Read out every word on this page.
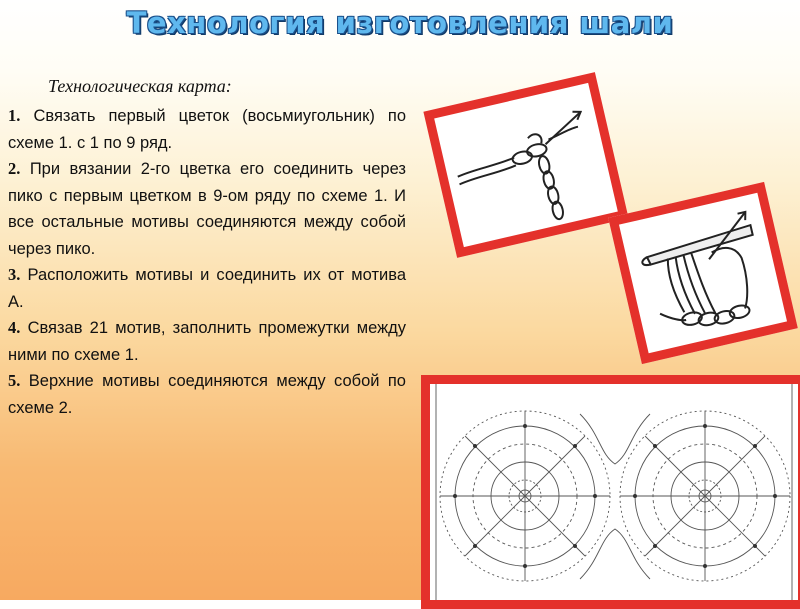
Технология изготовления шали
Технологическая карта:

1. Связать первый цветок (восьмиугольник) по схеме 1. с 1 по 9 ряд.

2. При вязании 2-го цветка его соединить через пико с первым цветком в 9-ом ряду по схеме 1. И все остальные мотивы соединяются между собой через пико.

3. Расположить мотивы и соединить их от мотива А.

4. Связав 21 мотив, заполнить промежутки между ними по схеме 1.

5. Верхние мотивы соединяются между собой по схеме 2.
